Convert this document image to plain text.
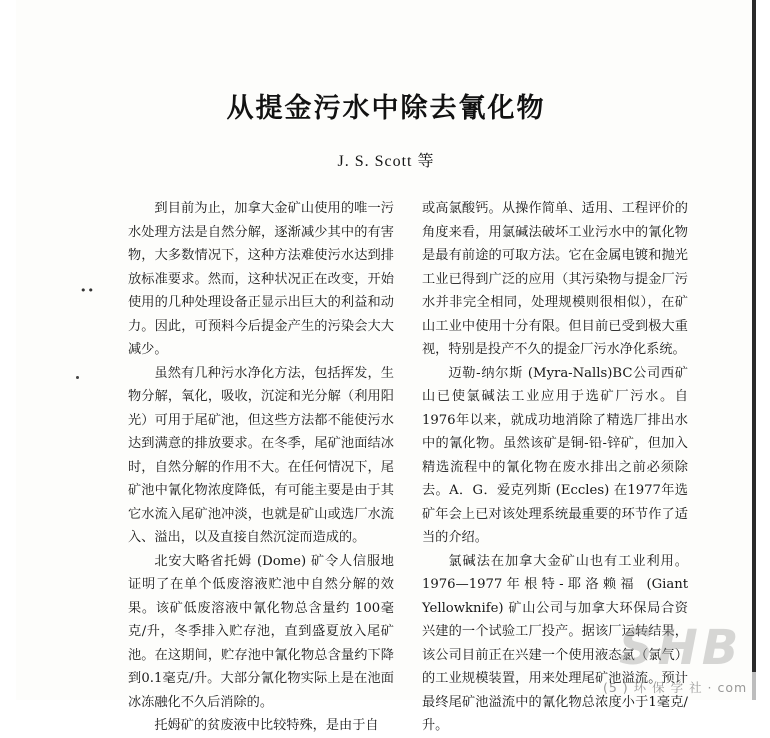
从提金污水中除去氰化物
J. S. Scott 等

到目前为止，加拿大金矿山使用的唯一污水处理方法是自然分解，逐渐减少其中的有害物，大多数情况下，这种方法难使污水达到排放标准要求。然而，这种状况正在改变，开始使用的几种处理设备正显示出巨大的利益和动力。因此，可预料今后提金产生的污染会大大减少。

虽然有几种污水净化方法，包括挥发，生物分解，氧化，吸收，沉淀和光分解（利用阳光）可用于尾矿池，但这些方法都不能使污水达到满意的排放要求。在冬季，尾矿池面结冰时，自然分解的作用不大。在任何情况下，尾矿池中氰化物浓度降低，有可能主要是由于其它水流入尾矿池冲淡，也就是矿山或选厂水流入、溢出，以及直接自然沉淀而造成的。

北安大略省托姆 (Dome) 矿令人信服地证明了在单个低废溶液贮池中自然分解的效果。该矿低废溶液中氰化物总含量约 100毫克/升，冬季排入贮存池，直到盛夏放入尾矿池。在这期间，贮存池中氰化物总含量约下降到0.1毫克/升。大部分氰化物实际上是在池面冰冻融化不久后消除的。

托姆矿的贫废液中比较特殊，是由于自

或高氯酸钙。从操作简单、适用、工程评价的角度来看，用氯碱法破坏工业污水中的氰化物是最有前途的可取方法。它在金属电镀和抛光工业已得到广泛的应用（其污染物与提金厂污水并非完全相同，处理规模则很相似），在矿山工业中使用十分有限。但目前已受到极大重视，特别是投产不久的提金厂污水净化系统。

迈勒-纳尔斯 (Myra-Nalls)BC公司西矿山已使氯碱法工业应用于选矿厂污水。自1976年以来，就成功地消除了精选厂排出水中的氰化物。虽然该矿是铜-铅-锌矿，但加入精选流程中的氰化物在废水排出之前必须除去。A．G．爱克列斯 (Eccles) 在1977年选矿年会上已对该处理系统最重要的环节作了适当的介绍。

氯碱法在加拿大金矿山也有工业利用。1976—1977年根特-耶洛赖福 (Giant Yellowknife) 矿山公司与加拿大环保局合资兴建的一个试验工厂投产。据该厂运转结果，该公司目前正在兴建一个使用液态氯（氯气）的工业规模装置，用来处理尾矿池溢流。预计最终尾矿池溢流中的氰化物总浓度小于1毫克/升。

••
SHB
(5 ) 环 保 学 社 · com
